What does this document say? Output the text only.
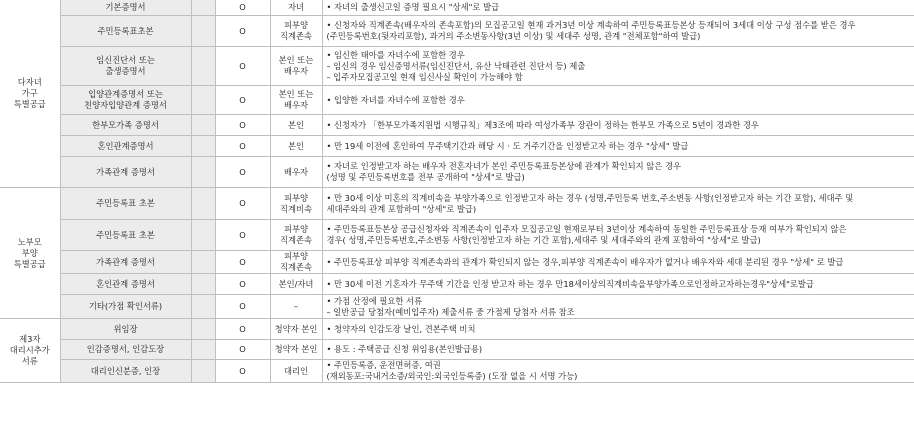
다자녀
가구
특별공급	기본증명서		O	자녀	• 자녀의 출생신고일 증명 필요시 "상세"로 발급

	주민등록표초본		O	피부양
직계존속	• 신청자와 직계존속(배우자의 존속포함)의 모집공고일 현재 과거3년 이상 계속하여 주민등록표등본상 등재되어 3세대 이상 구성 점수를 받은 경우
(주민등록번호(뒷자리포함), 과거의 주소변동사항(3년 이상) 및 세대주 성명, 관계 "전체포함"하여 발급)

	임신진단서 또는
출생증명서		O	본인 또는
배우자	• 임신한 태아를 자녀수에 포함한 경우
– 임신의 경우 임신증명서류(임신진단서, 유산 낙태관련 진단서 등) 제출
– 입주자모집공고일 현재 임신사실 확인이 가능해야 함

	입양관계증명서 또는
친양자입양관계 증명서		O	본인 또는
배우자	• 입양한 자녀를 자녀수에 포함한 경우

	한부모가족 증명서		O	본인	• 신청자가 「한부모가족지원법 시행규칙」제3조에 따라 여성가족부 장관이 정하는 한부모 가족으로 5년이 경과한 경우

	혼인관계증명서		O	본인	• 만 19세 이전에 혼인하여 무주택기간과 해당 시 · 도 거주기간을 인정받고자 하는 경우 "상세" 발급

	가족관계 증명서		O	배우자	• 자녀로 인정받고자 하는 배우자 전혼자녀가 본인 주민등록표등본상에 관계가 확인되지 않은 경우
(성명 및 주민등록번호를 전부 공개하여 "상세"로 발급)

노부모
부양
특별공급	주민등록표 초본		O	피부양
직계비속	• 만 30세 이상 미혼의 직계비속을 부양가족으로 인정받고자 하는 경우 (성명,주민등록 번호,주소변동 사항(인정받고자 하는 기간 포함), 세대주 및
세대주와의 관계 포함하여 "상세"로 발급)

	주민등록표 초본		O	피부양
직계존속	• 주민등록표등본상 공급신청자와 직계존속이 입주자 모집공고일 현재로부터 3년이상 계속하여 동일한 주민등록표상 등재 여부가 확인되지 않은
경우( 성명,주민등록번호,주소변동 사항(인정받고자 하는 기간 포함),세대주 및 세대주와의 관계 포함하여 "상세"로 발급)

	가족관계 증명서		O	피부양
직계존속	• 주민등록표상 피부양 직계존속과의 관계가 확인되지 않는 경우,피부양 직계존속이 배우자가 없거나 배우자와 세대 분리된 경우 "상세" 로 발급

	혼인관계 증명서		O	본인/자녀	• 만 30세 이전 기혼자가 무주택 기간을 인정 받고자 하는 경우 만18세이상의직계비속을부양가족으로인정하고자하는경우"상세"로발급

	기타(가점 확인서류)		O	–	• 가점 산정에 필요한 서류
– 일반공급 당첨자(예비입주자) 제출서류 중 가점제 당첨자 서류 참조

제3자
대리시추가
서류	위임장		O	청약자 본인	• 청약자의 인감도장 날인, 견본주택 비치

	인감증명서, 인감도장		O	청약자 본인	• 용도 : 주택공급 신청 위임용(본인발급용)

	대리인신분증, 인장		O	대리인	• 주민등록증, 운전면허증, 여권
(재외동포:국내거소증/외국인:외국인등록증) (도장 없을 시 서명 가능)
